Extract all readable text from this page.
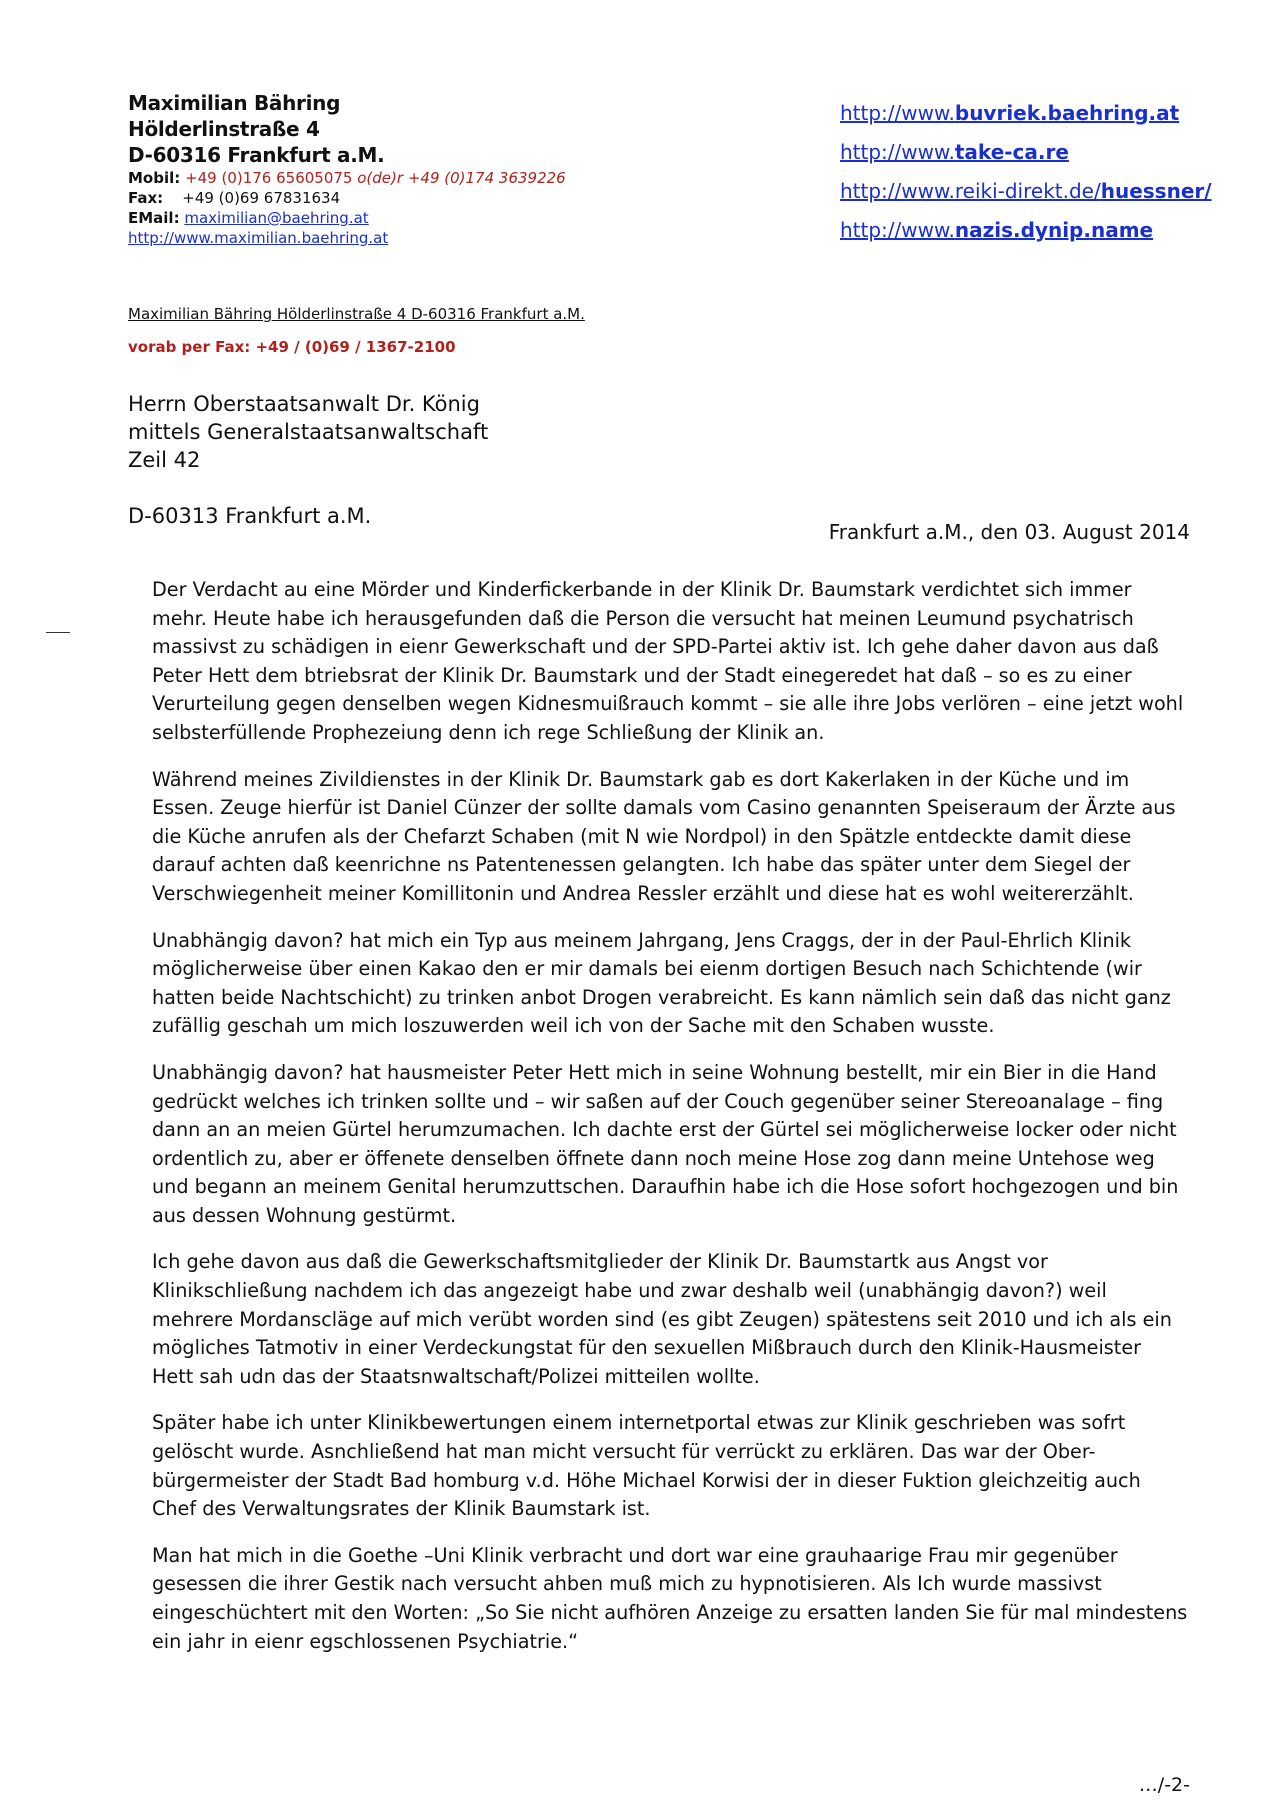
Maximilian Bähring
Hölderlinstraße 4
D-60316 Frankfurt a.M.
Mobil: +49 (0)176 65605075 o(de)r +49 (0)174 3639226
Fax: +49 (0)69 67831634
EMail: maximilian@baehring.at
http://www.maximilian.baehring.at
http://www.buvriek.baehring.at
http://www.take-ca.re
http://www.reiki-direkt.de/huessner/
http://www.nazis.dynip.name
Maximilian Bähring Hölderlinstraße 4 D-60316 Frankfurt a.M.
vorab per Fax: +49 / (0)69 / 1367-2100
Herrn Oberstaatsanwalt Dr. König
mittels Generalstaatsanwaltschaft
Zeil 42
D-60313 Frankfurt a.M.
Frankfurt a.M., den 03. August 2014

Der Verdacht au eine Mörder und Kinderfickerbande in der Klinik Dr. Baumstark verdichtet sich immer mehr. Heute habe ich herausgefunden daß die Person die versucht hat meinen Leumund psychatrisch massivst zu schädigen in eienr Gewerkschaft und der SPD-Partei aktiv ist. Ich gehe daher davon aus daß Peter Hett dem btriebsrat der Klinik Dr. Baumstark und der Stadt einegeredet hat daß – so es zu einer Verurteilung gegen denselben wegen Kidnesmuißrauch kommt – sie alle ihre Jobs verlören – eine jetzt wohl selbsterfüllende Prophezeiung denn ich rege Schließung der Klinik an.

Während meines Zivildienstes in der Klinik Dr. Baumstark gab es dort Kakerlaken in der Küche und im Essen. Zeuge hierfür ist Daniel Cünzer der sollte damals vom Casino genannten Speiseraum der Ärzte aus die Küche anrufen als der Chefarzt Schaben (mit N wie Nordpol) in den Spätzle entdeckte damit diese darauf achten daß keenrichne ns Patentenessen gelangten. Ich habe das später unter dem Siegel der Verschwiegenheit meiner Komillitonin und Andrea Ressler erzählt und diese hat es wohl weitererzählt.

Unabhängig davon? hat mich ein Typ aus meinem Jahrgang, Jens Craggs, der in der Paul-Ehrlich Klinik möglicherweise über einen Kakao den er mir damals bei eienm dortigen Besuch nach Schichtende (wir hatten beide Nachtschicht) zu trinken anbot Drogen verabreicht. Es kann nämlich sein daß das nicht ganz zufällig geschah um mich loszuwerden weil ich von der Sache mit den Schaben wusste.

Unabhängig davon? hat hausmeister Peter Hett mich in seine Wohnung bestellt, mir ein Bier in die Hand gedrückt welches ich trinken sollte und – wir saßen auf der Couch gegenüber seiner Stereoanalage – fing dann an an meien Gürtel herumzumachen. Ich dachte erst der Gürtel sei möglicherweise locker oder nicht ordentlich zu, aber er öffenete denselben öffnete dann noch meine Hose zog dann meine Untehose weg und begann an meinem Genital herumzuttschen. Daraufhin habe ich die Hose sofort hochgezogen und bin aus dessen Wohnung gestürmt.

Ich gehe davon aus daß die Gewerkschaftsmitglieder der Klinik Dr. Baumstartk aus Angst vor Klinikschließung nachdem ich das angezeigt habe und zwar deshalb weil (unabhängig davon?) weil mehrere Mordanscläge auf mich verübt worden sind (es gibt Zeugen) spätestens seit 2010 und ich als ein mögliches Tatmotiv in einer Verdeckungstat für den sexuellen Mißbrauch durch den Klinik-Hausmeister Hett sah udn das der Staatsnwaltschaft/Polizei mitteilen wollte.

Später habe ich unter Klinikbewertungen einem internetportal etwas zur Klinik geschrieben was sofrt gelöscht wurde. Asnchließend hat man micht versucht für verrückt zu erklären. Das war der Ober-bürgermeister der Stadt Bad homburg v.d. Höhe Michael Korwisi der in dieser Fuktion gleichzeitig auch Chef des Verwaltungsrates der Klinik Baumstark ist.

Man hat mich in die Goethe –Uni Klinik verbracht und dort war eine grauhaarige Frau mir gegenüber gesessen die ihrer Gestik nach versucht ahben muß mich zu hypnotisieren. Als Ich wurde massivst eingeschüchtert mit den Worten: „So Sie nicht aufhören Anzeige zu ersatten landen Sie für mal mindestens ein jahr in eienr egschlossenen Psychiatrie.“

…/-2-
